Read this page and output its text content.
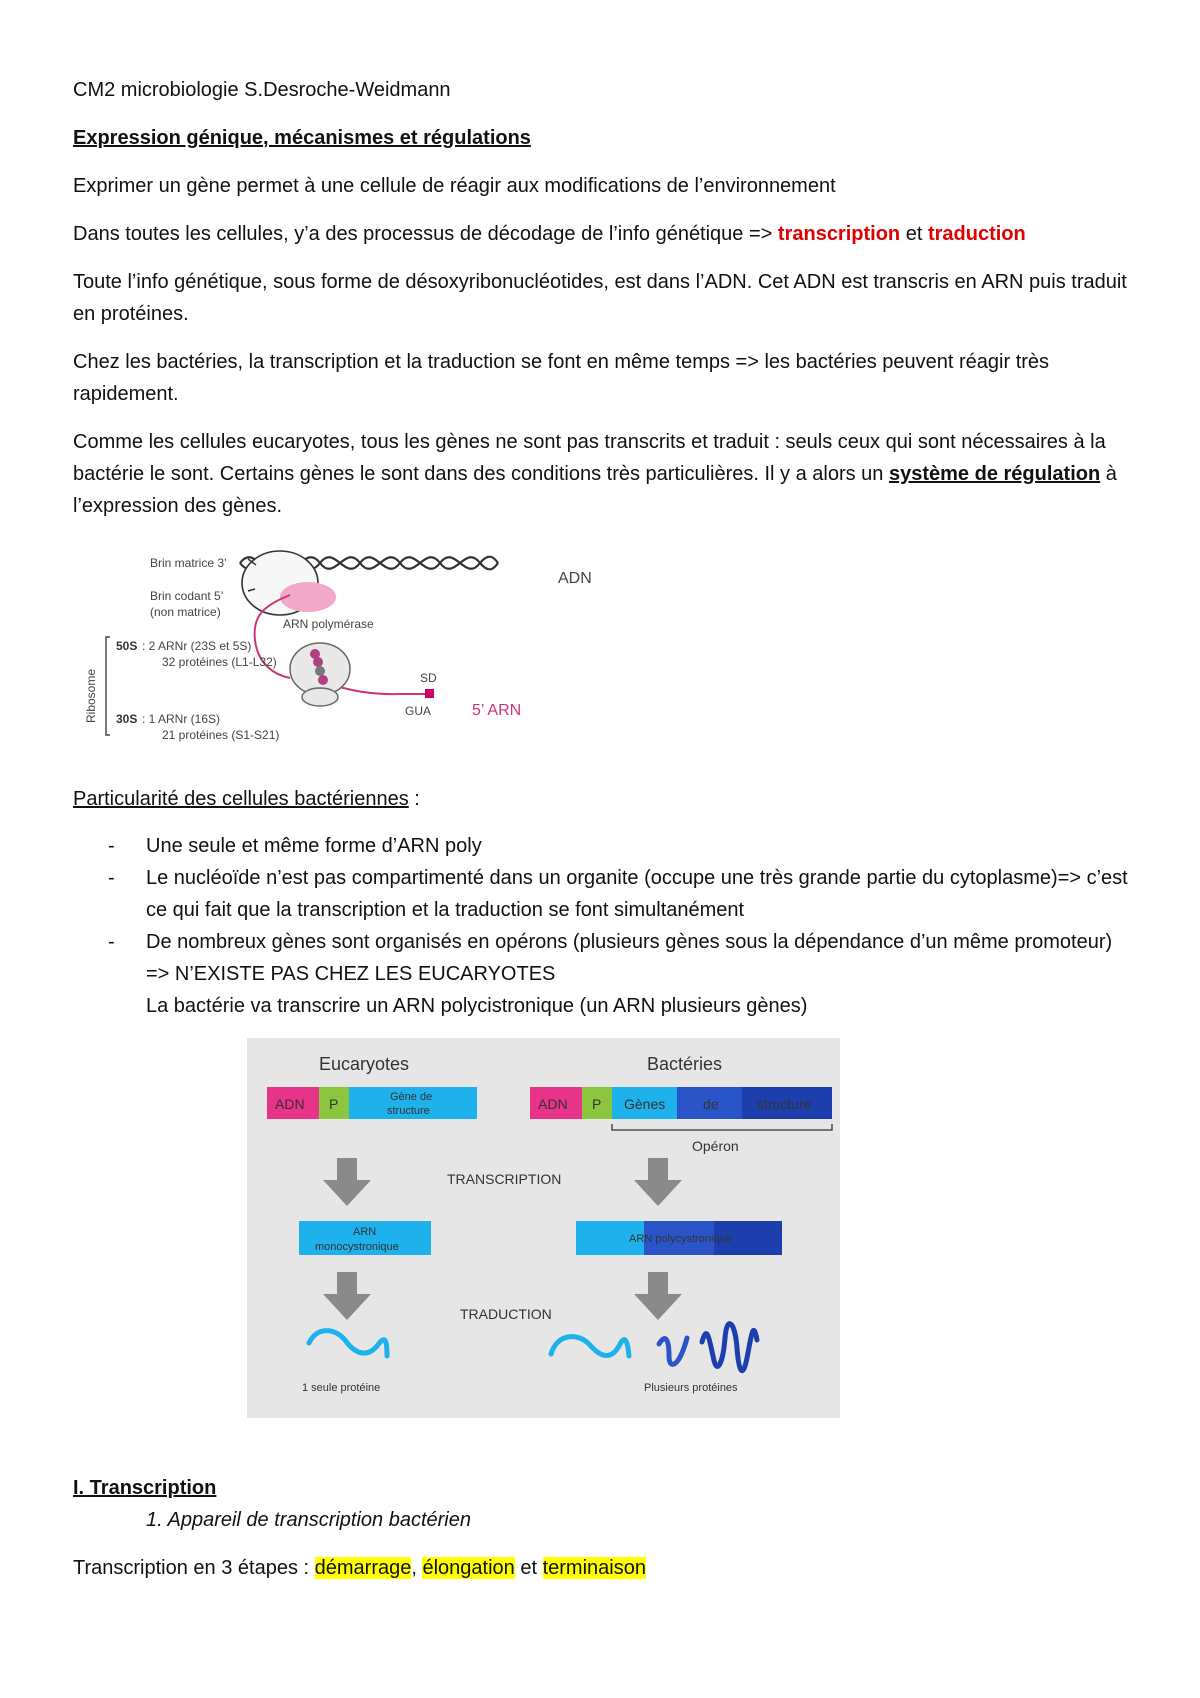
CM2 microbiologie S.Desroche-Weidmann
Expression génique, mécanismes et régulations
Exprimer un gène permet à une cellule de réagir aux modifications de l’environnement
Dans toutes les cellules, y’a des processus de décodage de l’info génétique => transcription et traduction
Toute l’info génétique, sous forme de désoxyribonucléotides, est dans l’ADN. Cet ADN est transcris en ARN puis traduit en protéines.
Chez les bactéries, la transcription et la traduction se font en même temps => les bactéries peuvent réagir très rapidement.
Comme les cellules eucaryotes, tous les gènes ne sont pas transcrits et traduit : seuls ceux qui sont nécessaires à la bactérie le sont. Certains gènes le sont dans des conditions très particulières. Il y a alors un système de régulation à l’expression des gènes.
Ribosome
Brin matrice 3’
Brin codant 5’
(non matrice)
ADN
ARN polymérase
50S : 2 ARNr (23S et 5S)
32 protéines (L1-L32)
30S : 1 ARNr (16S)
21 protéines (S1-S21)
SD
GUA	5’ ARN
Particularité des cellules bactériennes :
- Une seule et même forme d’ARN poly
- Le nucléoïde n’est pas compartimenté dans un organite (occupe une très grande partie du cytoplasme)=> c’est ce qui fait que la transcription et la traduction se font simultanément
- De nombreux gènes sont organisés en opérons (plusieurs gènes sous la dépendance d’un même promoteur) => N’EXISTE PAS CHEZ LES EUCARYOTES
La bactérie va transcrire un ARN polycistronique (un ARN plusieurs gènes)
Eucaryotes	Bactéries
ADN P	Gène de
structure	ADN P Gènes	de	structure
Opéron
TRANSCRIPTION
ARN
monocystronique
ARN polycystronique
TRADUCTION
1 seule protéine	Plusieurs protéines
I. Transcription
1. Appareil de transcription bactérien
Transcription en 3 étapes : démarrage, élongation et terminaison
